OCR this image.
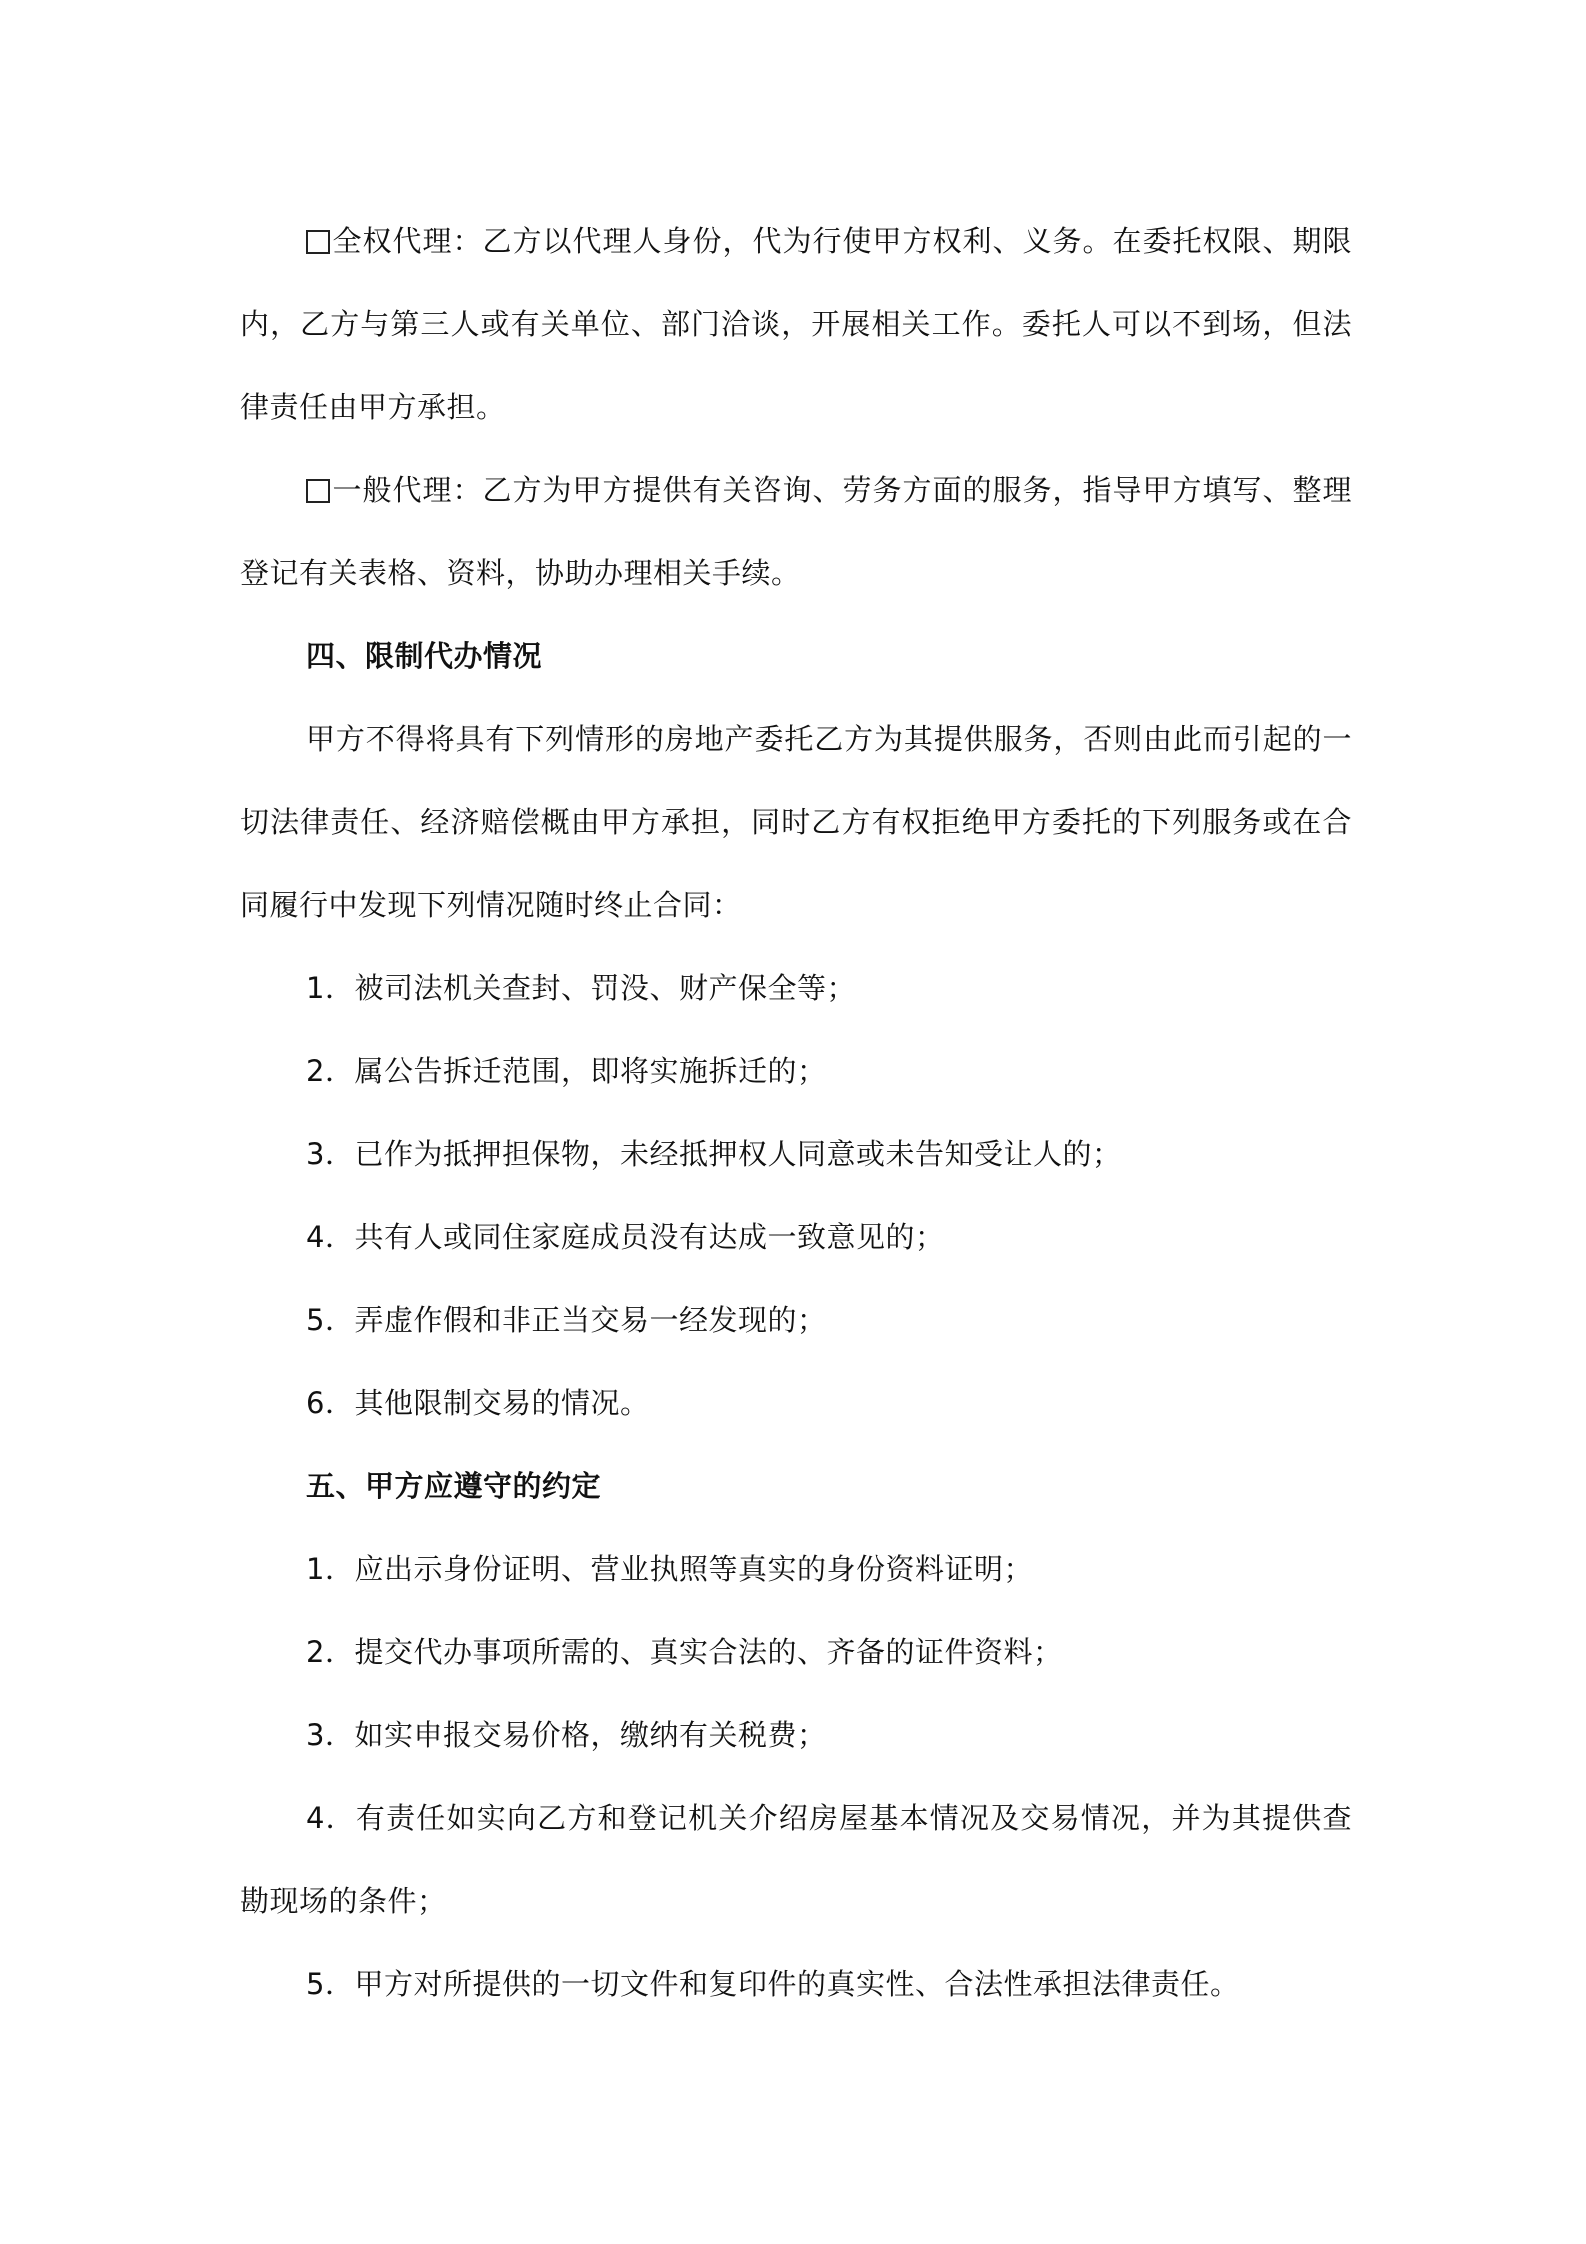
全权代理：乙方以代理人身份，代为行使甲方权利、义务。在委托权限、期限内，乙方与第三人或有关单位、部门洽谈，开展相关工作。委托人可以不到场，但法律责任由甲方承担。

一般代理：乙方为甲方提供有关咨询、劳务方面的服务，指导甲方填写、整理登记有关表格、资料，协助办理相关手续。

四、限制代办情况

甲方不得将具有下列情形的房地产委托乙方为其提供服务，否则由此而引起的一切法律责任、经济赔偿概由甲方承担，同时乙方有权拒绝甲方委托的下列服务或在合同履行中发现下列情况随时终止合同：

1．被司法机关查封、罚没、财产保全等；

2．属公告拆迁范围，即将实施拆迁的；

3．已作为抵押担保物，未经抵押权人同意或未告知受让人的；

4．共有人或同住家庭成员没有达成一致意见的；

5．弄虚作假和非正当交易一经发现的；

6．其他限制交易的情况。

五、甲方应遵守的约定

1．应出示身份证明、营业执照等真实的身份资料证明；

2．提交代办事项所需的、真实合法的、齐备的证件资料；

3．如实申报交易价格，缴纳有关税费；

4．有责任如实向乙方和登记机关介绍房屋基本情况及交易情况，并为其提供查勘现场的条件；

5．甲方对所提供的一切文件和复印件的真实性、合法性承担法律责任。
